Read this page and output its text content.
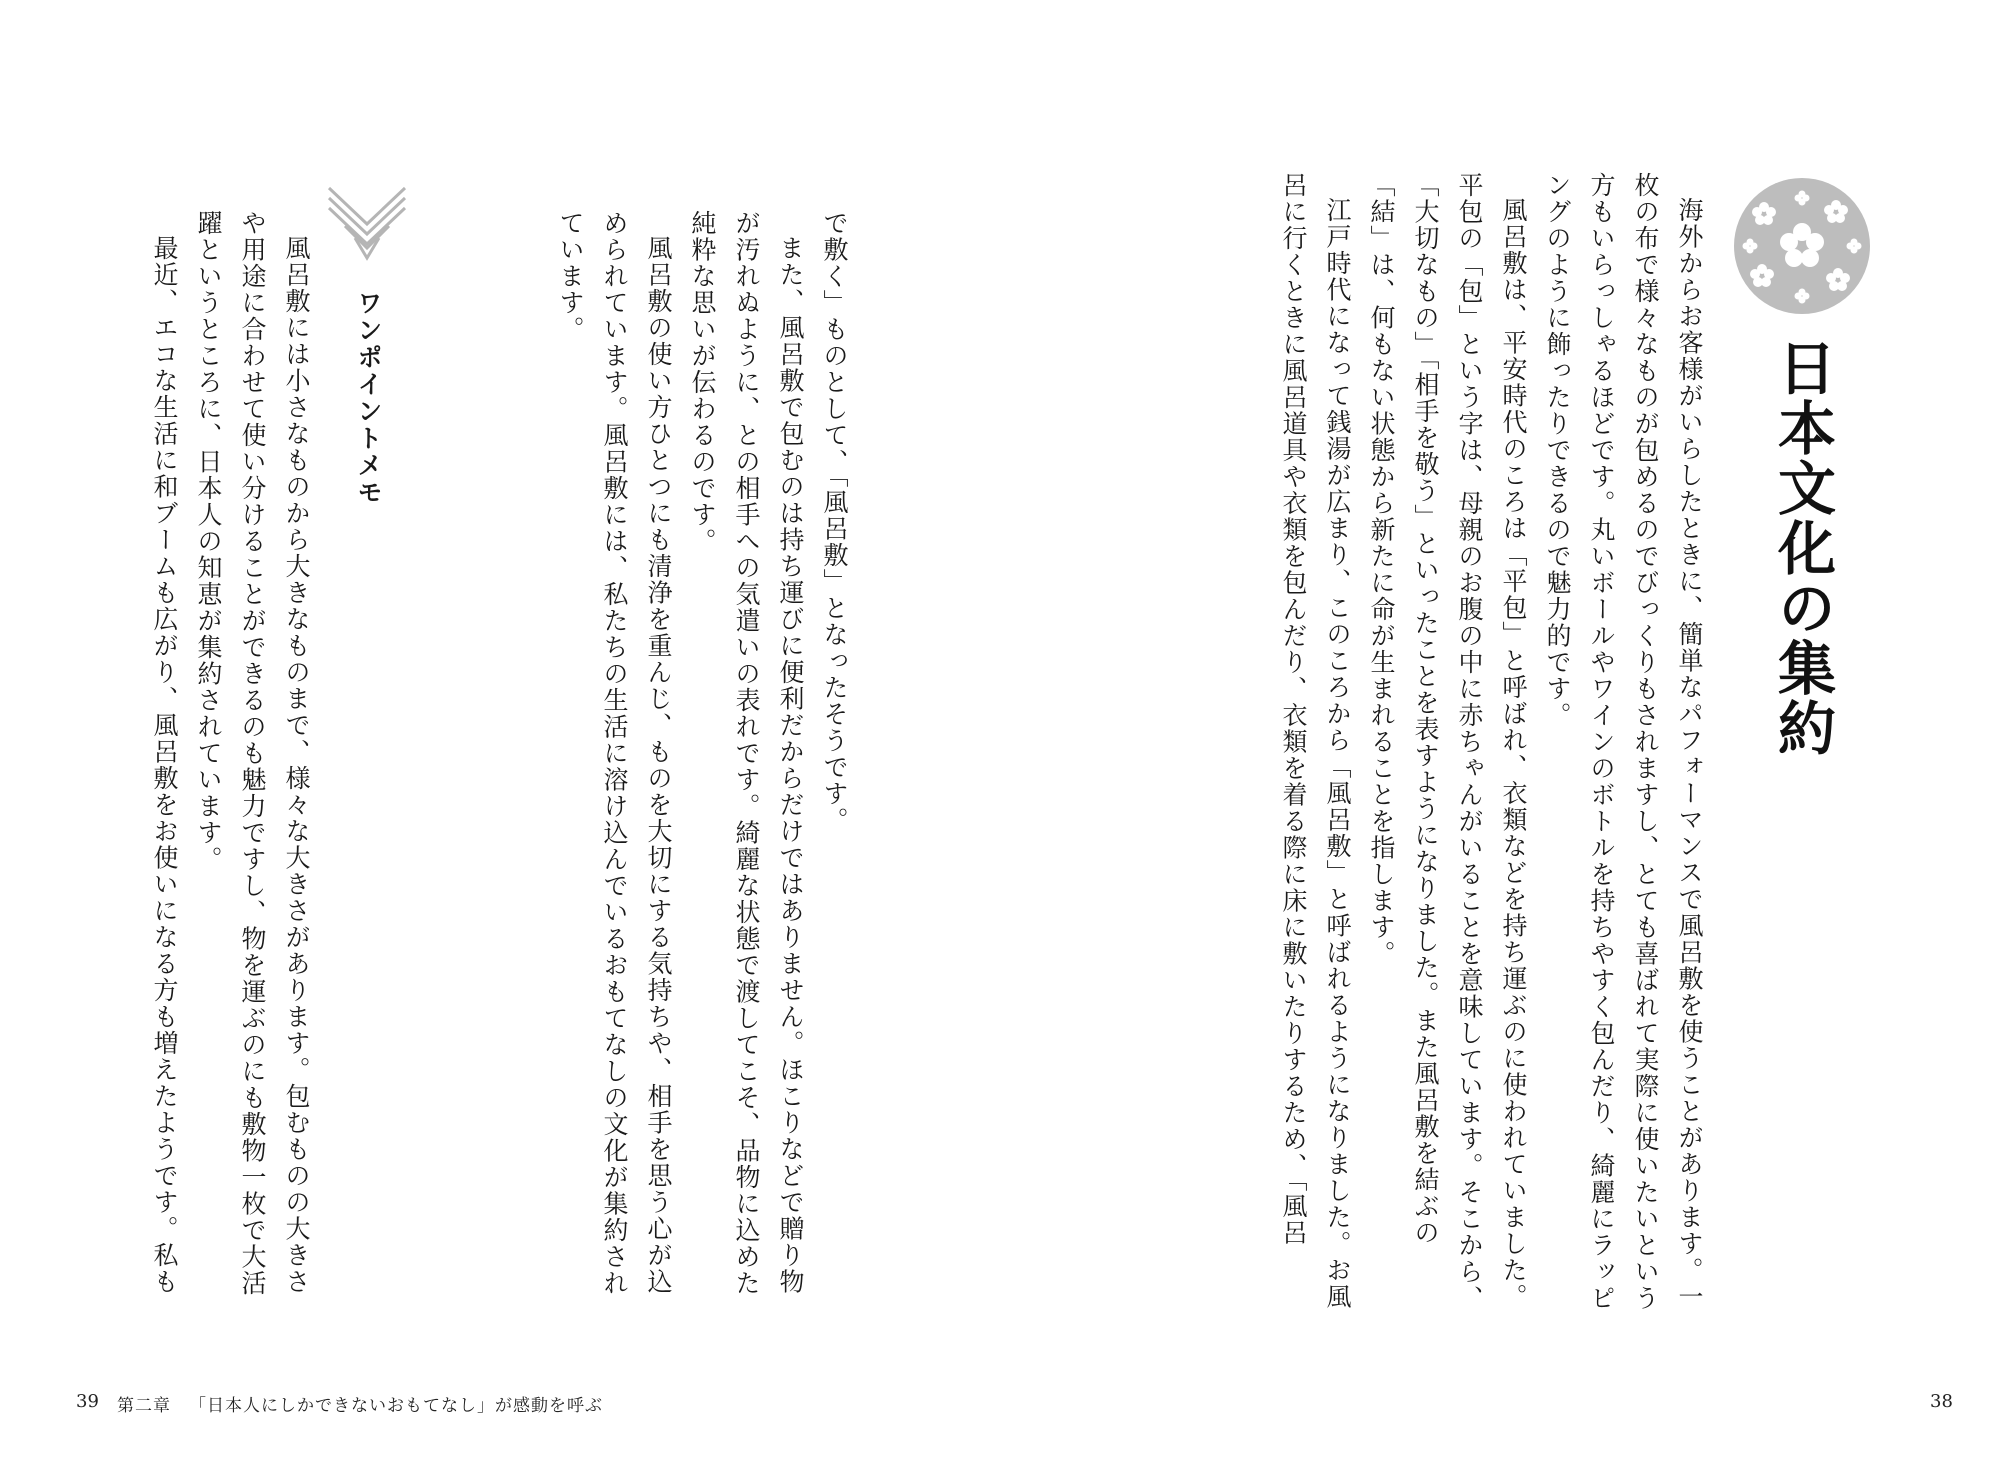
日本文化の集約
海外からお客様がいらしたときに、簡単なパフォーマンスで風呂敷を使うことがあります。一枚の布で様々なものが包めるのでびっくりもされますし、とても喜ばれて実際に使いたいという方もいらっしゃるほどです。丸いボールやワインのボトルを持ちやすく包んだり、綺麗にラッピングのように飾ったりできるので魅力的です。
風呂敷は、平安時代のころは「平包」と呼ばれ、衣類などを持ち運ぶのに使われていました。平包の「包」という字は、母親のお腹の中に赤ちゃんがいることを意味しています。そこから、「大切なもの」「相手を敬う」といったことを表すようになりました。また風呂敷を結ぶの「結」は、何もない状態から新たに命が生まれることを指します。
江戸時代になって銭湯が広まり、このころから「風呂敷」と呼ばれるようになりました。お風呂に行くときに風呂道具や衣類を包んだり、衣類を着る際に床に敷いたりするため、「風呂
38
で敷く」ものとして、「風呂敷」となったそうです。
また、風呂敷で包むのは持ち運びに便利だからだけではありません。ほこりなどで贈り物が汚れぬように、との相手への気遣いの表れです。綺麗な状態で渡してこそ、品物に込めた純粋な思いが伝わるのです。
風呂敷の使い方ひとつにも清浄を重んじ、ものを大切にする気持ちや、相手を思う心が込められています。風呂敷には、私たちの生活に溶け込んでいるおもてなしの文化が集約されています。
ワンポイントメモ
風呂敷には小さなものから大きなものまで、様々な大きさがあります。包むものの大きさや用途に合わせて使い分けることができるのも魅力ですし、物を運ぶのにも敷物一枚で大活躍というところに、日本人の知恵が集約されています。
最近、エコな生活に和ブームも広がり、風呂敷をお使いになる方も増えたようです。私も
39 第二章 「日本人にしかできないおもてなし」が感動を呼ぶ
